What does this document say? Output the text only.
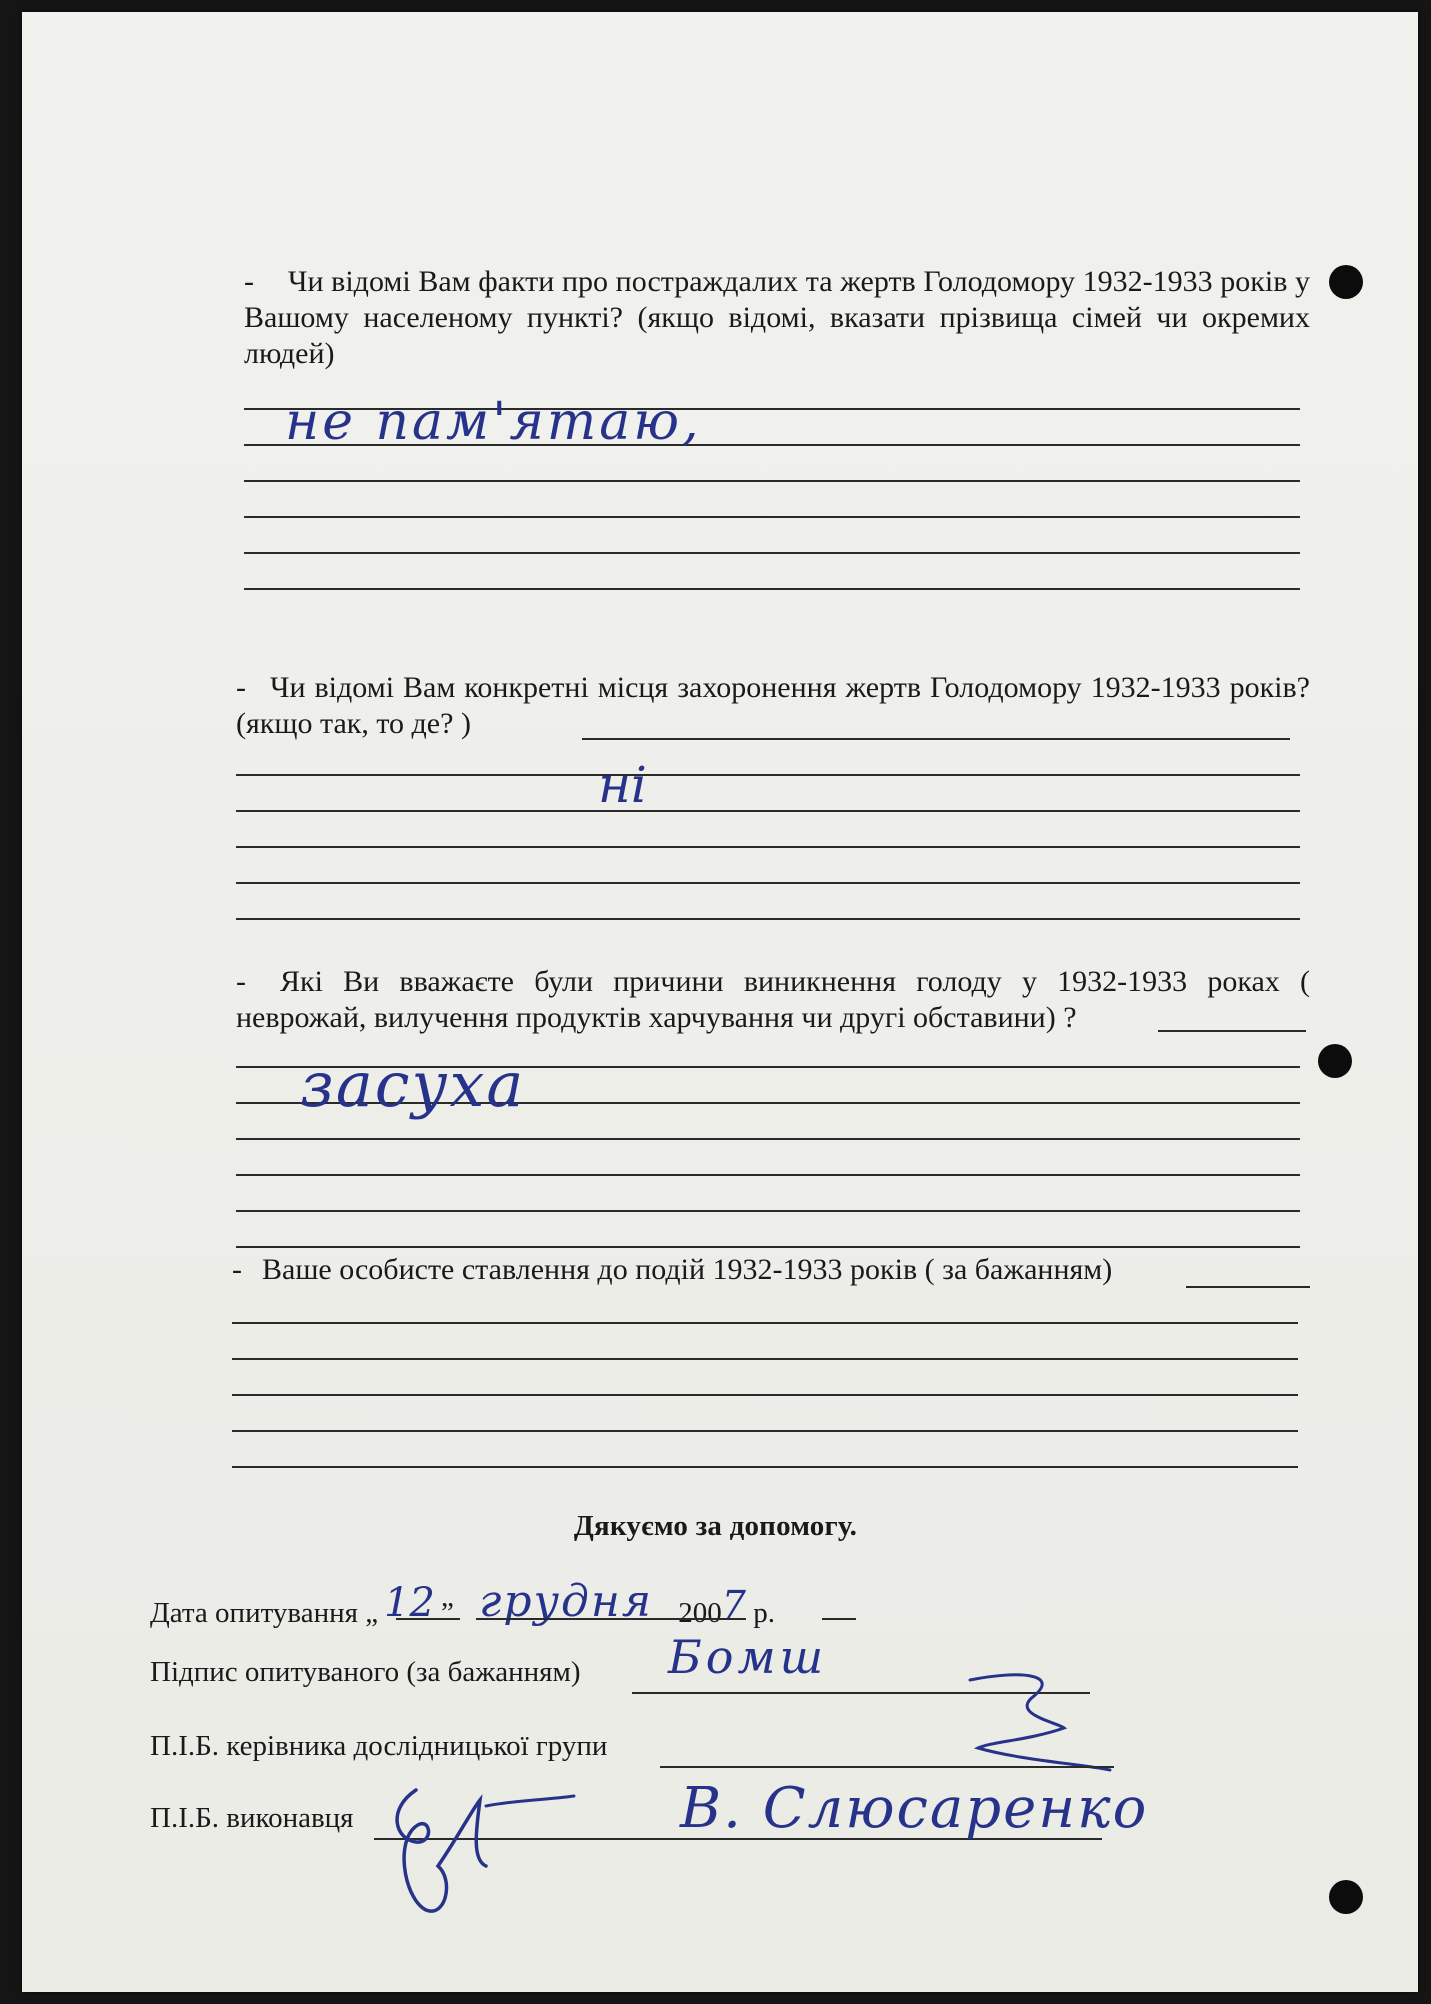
- Чи відомі Вам факти про постраждалих та жертв Голодомору 1932-1933 років у Вашому населеному пункті? (якщо відомі, вказати прізвища сімей чи окремих людей)

не пам'ятаю,

- Чи відомі Вам конкретні місця захоронення жертв Голодомору 1932-1933 років? (якщо так, то де? )

ні

- Які Ви вважаєте були причини виникнення голоду у 1932-1933 роках ( неврожай, вилучення продуктів харчування чи другі обставини) ?

засуха

- Ваше особисте ставлення до подій 1932-1933 років ( за бажанням)

Дякуємо за допомогу.
Дата опитування „ 12 ” грудня 2007 р.
Підпис опитуваного (за бажанням) Бомш
П.І.Б. керівника дослідницької групи
П.І.Б. виконавця	В. Слюсаренко
